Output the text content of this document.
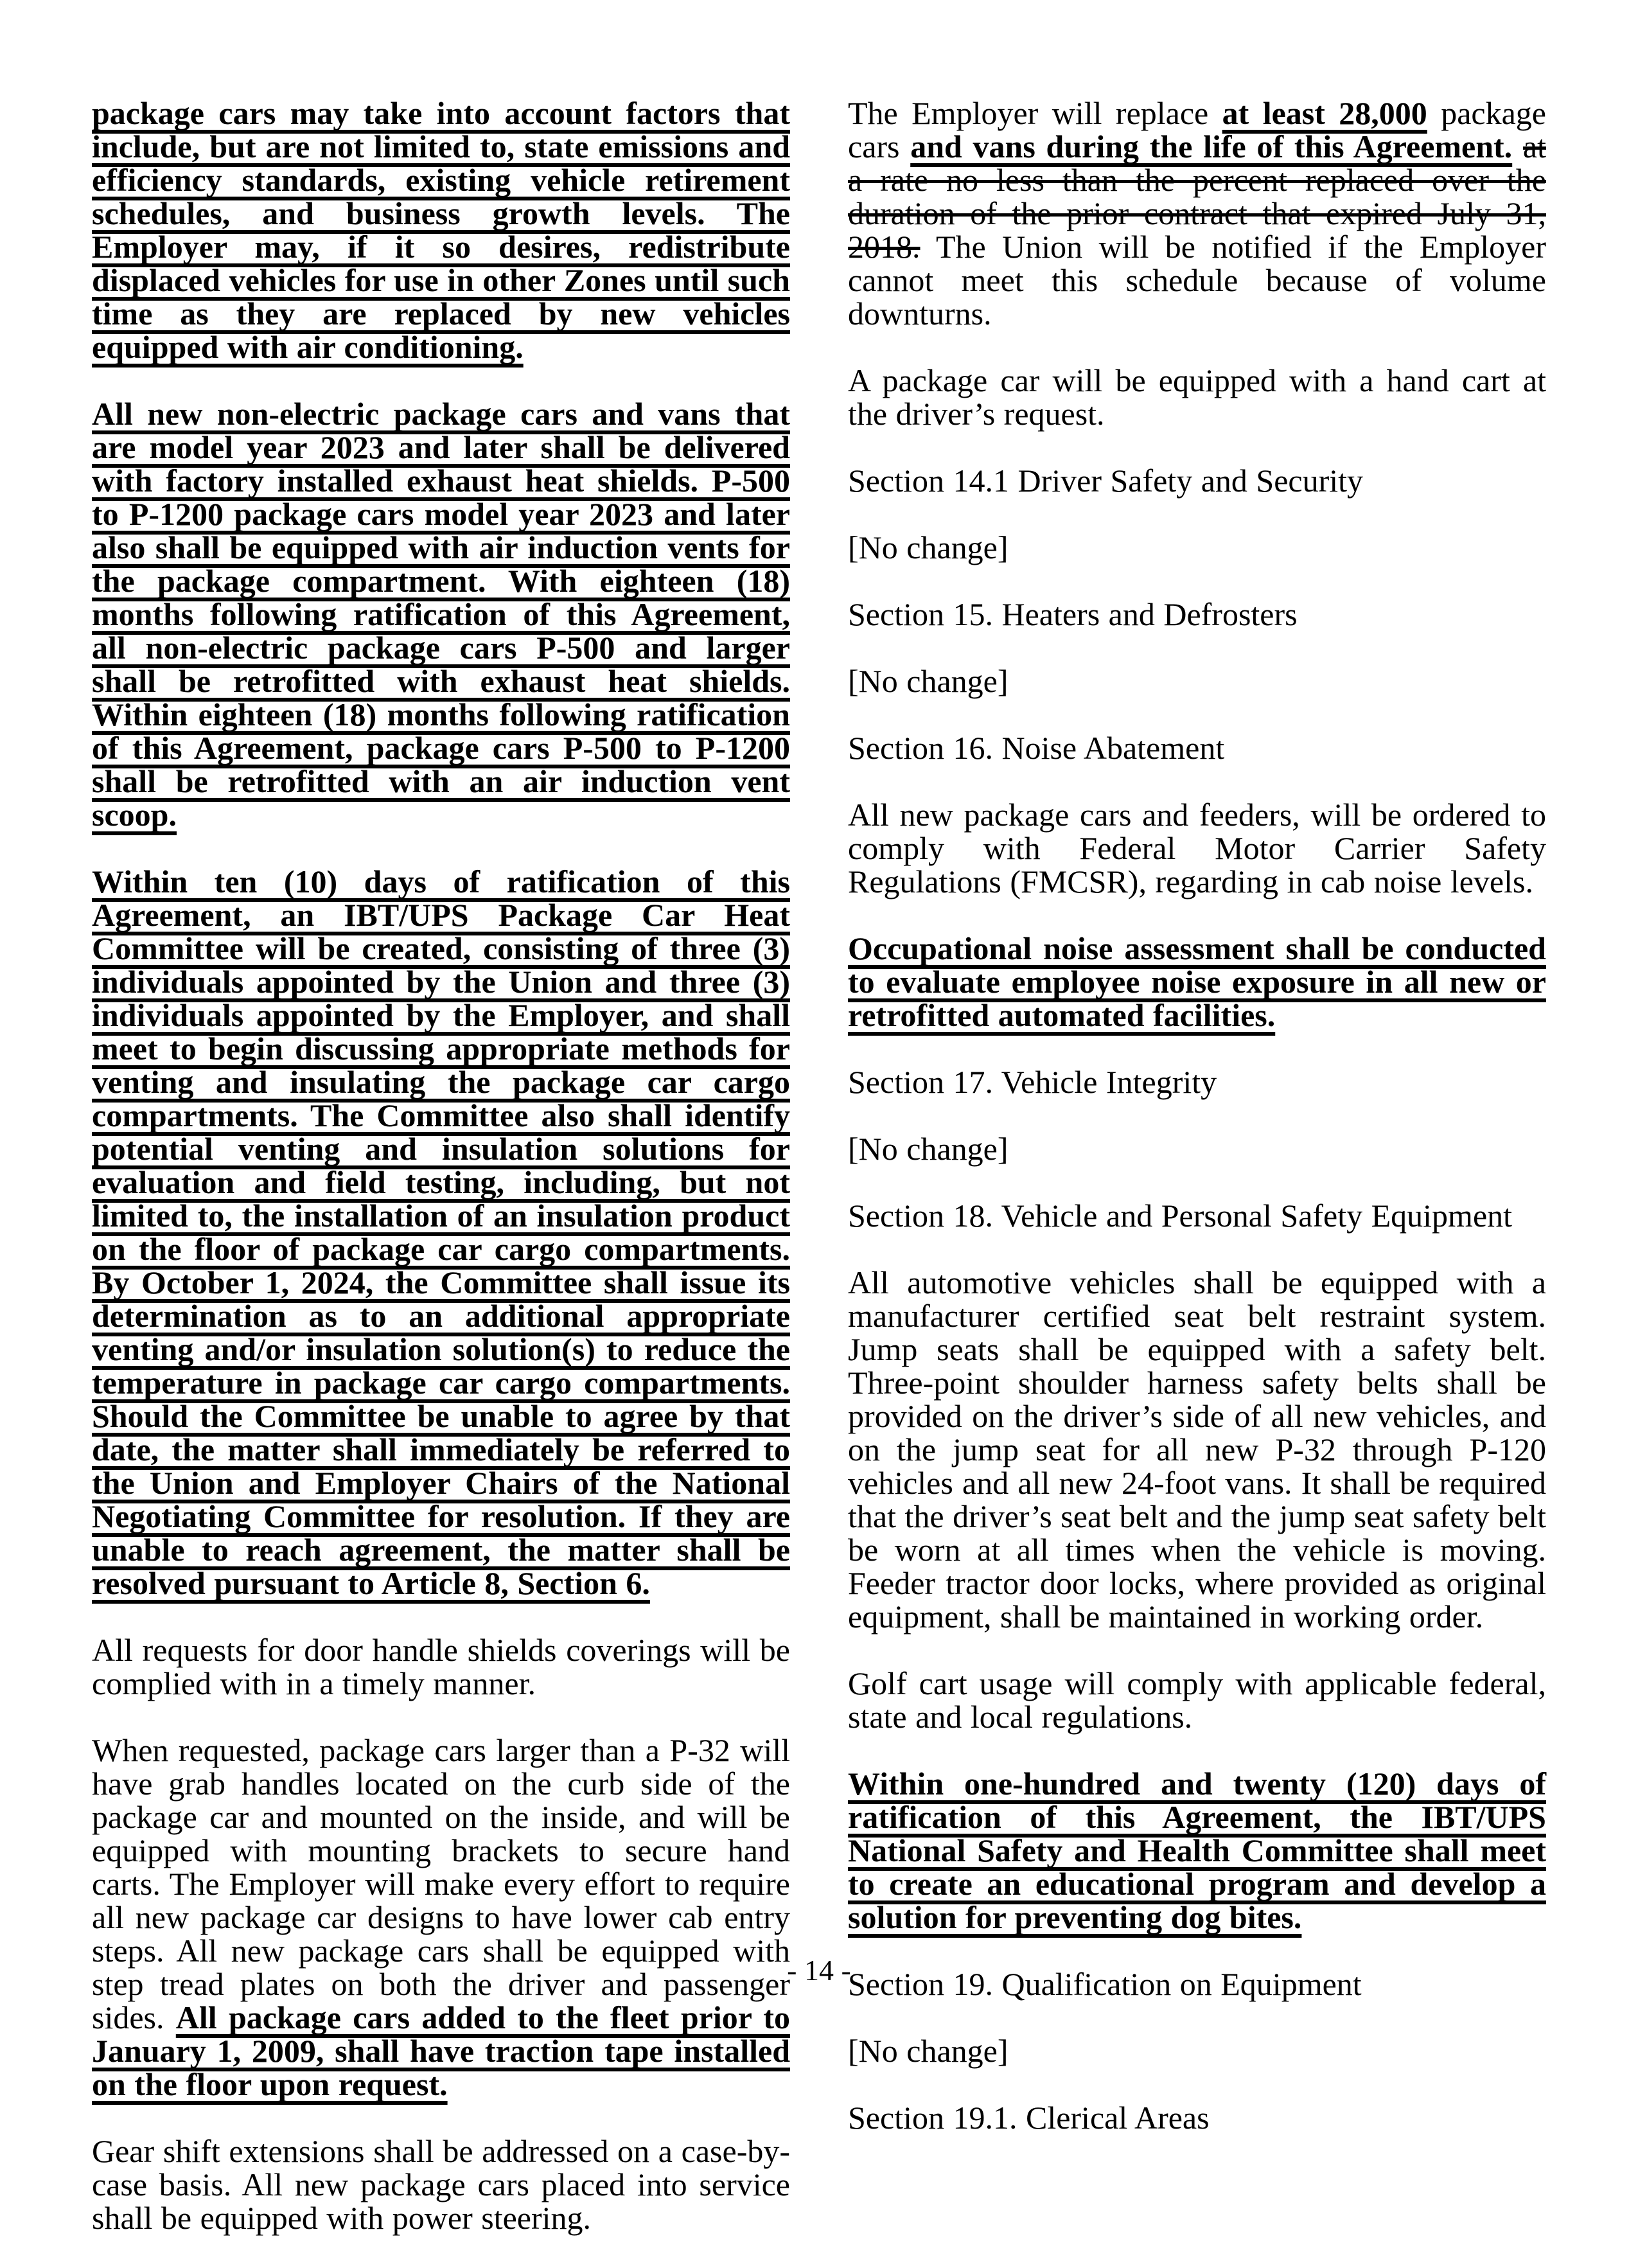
package cars may take into account factors that include, but are not limited to, state emissions and efficiency standards, existing vehicle retirement schedules, and business growth levels. The Employer may, if it so desires, redistribute displaced vehicles for use in other Zones until such time as they are replaced by new vehicles equipped with air conditioning.

All new non-electric package cars and vans that are model year 2023 and later shall be delivered with factory installed exhaust heat shields. P-500 to P-1200 package cars model year 2023 and later also shall be equipped with air induction vents for the package compartment. With eighteen (18) months following ratification of this Agreement, all non-electric package cars P-500 and larger shall be retrofitted with exhaust heat shields. Within eighteen (18) months following ratification of this Agreement, package cars P-500 to P-1200 shall be retrofitted with an air induction vent scoop.

Within ten (10) days of ratification of this Agreement, an IBT/UPS Package Car Heat Committee will be created, consisting of three (3) individuals appointed by the Union and three (3) individuals appointed by the Employer, and shall meet to begin discussing appropriate methods for venting and insulating the package car cargo compartments. The Committee also shall identify potential venting and insulation solutions for evaluation and field testing, including, but not limited to, the installation of an insulation product on the floor of package car cargo compartments. By October 1, 2024, the Committee shall issue its determination as to an additional appropriate venting and/or insulation solution(s) to reduce the temperature in package car cargo compartments. Should the Committee be unable to agree by that date, the matter shall immediately be referred to the Union and Employer Chairs of the National Negotiating Committee for resolution. If they are unable to reach agreement, the matter shall be resolved pursuant to Article 8, Section 6.

All requests for door handle shields coverings will be complied with in a timely manner.

When requested, package cars larger than a P-32 will have grab handles located on the curb side of the package car and mounted on the inside, and will be equipped with mounting brackets to secure hand carts. The Employer will make every effort to require all new package car designs to have lower cab entry steps. All new package cars shall be equipped with step tread plates on both the driver and passenger sides. All package cars added to the fleet prior to January 1, 2009, shall have traction tape installed on the floor upon request.

Gear shift extensions shall be addressed on a case-by-case basis. All new package cars placed into service shall be equipped with power steering.

The Employer will replace at least 28,000 package cars and vans during the life of this Agreement. at a rate no less than the percent replaced over the duration of the prior contract that expired July 31, 2018. The Union will be notified if the Employer cannot meet this schedule because of volume downturns.

A package car will be equipped with a hand cart at the driver’s request.

Section 14.1 Driver Safety and Security

[No change]

Section 15. Heaters and Defrosters

[No change]

Section 16. Noise Abatement

All new package cars and feeders, will be ordered to comply with Federal Motor Carrier Safety Regulations (FMCSR), regarding in cab noise levels.

Occupational noise assessment shall be conducted to evaluate employee noise exposure in all new or retrofitted automated facilities.

Section 17. Vehicle Integrity

[No change]

Section 18. Vehicle and Personal Safety Equipment

All automotive vehicles shall be equipped with a manufacturer certified seat belt restraint system. Jump seats shall be equipped with a safety belt. Three-point shoulder harness safety belts shall be provided on the driver’s side of all new vehicles, and on the jump seat for all new P-32 through P-120 vehicles and all new 24-foot vans. It shall be required that the driver’s seat belt and the jump seat safety belt be worn at all times when the vehicle is moving. Feeder tractor door locks, where provided as original equipment, shall be maintained in working order.

Golf cart usage will comply with applicable federal, state and local regulations.

Within one-hundred and twenty (120) days of ratification of this Agreement, the IBT/UPS National Safety and Health Committee shall meet to create an educational program and develop a solution for preventing dog bites.

Section 19. Qualification on Equipment

[No change]

Section 19.1. Clerical Areas

- 14 -
